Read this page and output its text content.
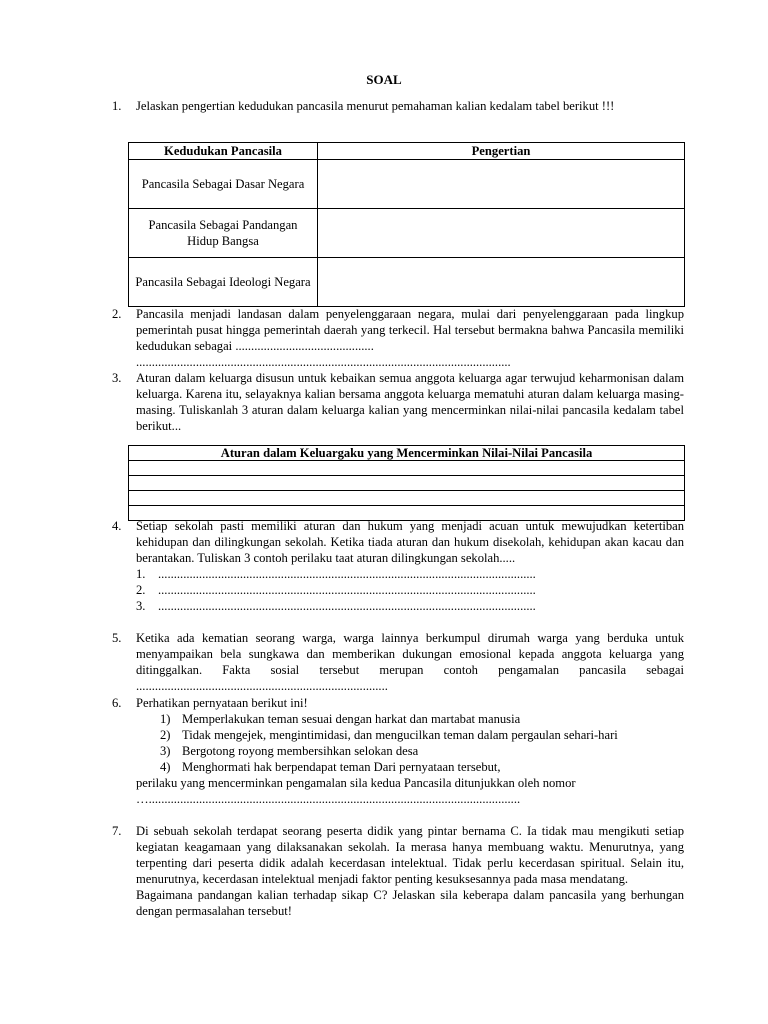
SOAL
1. Jelaskan pengertian kedudukan pancasila menurut pemahaman kalian kedalam tabel berikut !!!

Kedudukan Pancasila	Pengertian
Pancasila Sebagai Dasar Negara	
Pancasila Sebagai Pandangan Hidup Bangsa	
Pancasila Sebagai Ideologi Negara	
2. Pancasila menjadi landasan dalam penyelenggaraan negara, mulai dari penyelenggaraan pada lingkup pemerintah pusat hingga pemerintah daerah yang terkecil. Hal tersebut bermakna bahwa Pancasila memiliki kedudukan sebagai ............................................

.......................................................................................................................

3. Aturan dalam keluarga disusun untuk kebaikan semua anggota keluarga agar terwujud keharmonisan dalam keluarga. Karena itu, selayaknya kalian bersama anggota keluarga mematuhi aturan dalam keluarga masing-masing. Tuliskanlah 3 aturan dalam keluarga kalian yang mencerminkan nilai-nilai pancasila kedalam tabel berikut...

Aturan dalam Keluargaku yang Mencerminkan Nilai-Nilai Pancasila

4. Setiap sekolah pasti memiliki aturan dan hukum yang menjadi acuan untuk mewujudkan ketertiban kehidupan dan dilingkungan sekolah. Ketika tiada aturan dan hukum disekolah, kehidupan akan kacau dan berantakan. Tuliskan 3 contoh perilaku taat aturan dilingkungan sekolah.....

1. ........................................................................................................................
2. ........................................................................................................................
3. ........................................................................................................................
5. Ketika ada kematian seorang warga, warga lainnya berkumpul dirumah warga yang berduka untuk menyampaikan bela sungkawa dan memberikan dukungan emosional kepada anggota keluarga yang ditinggalkan. Fakta sosial tersebut merupan contoh pengamalan pancasila sebagai ................................................................................

6. Perhatikan pernyataan berikut ini!

1) Memperlakukan teman sesuai dengan harkat dan martabat manusia
2) Tidak mengejek, mengintimidasi, dan mengucilkan teman dalam pergaulan sehari-hari
3) Bergotong royong membersihkan selokan desa
4) Menghormati hak berpendapat teman Dari pernyataan tersebut,

perilaku yang mencerminkan pengamalan sila kedua Pancasila ditunjukkan oleh nomor

…......................................................................................................................

7. Di sebuah sekolah terdapat seorang peserta didik yang pintar bernama C. Ia tidak mau mengikuti setiap kegiatan keagamaan yang dilaksanakan sekolah. Ia merasa hanya membuang waktu. Menurutnya, yang terpenting dari peserta didik adalah kecerdasan intelektual. Tidak perlu kecerdasan spiritual. Selain itu, menurutnya, kecerdasan intelektual menjadi faktor penting kesuksesannya pada masa mendatang.

Bagaimana pandangan kalian terhadap sikap C? Jelaskan sila keberapa dalam pancasila yang berhungan dengan permasalahan tersebut!
